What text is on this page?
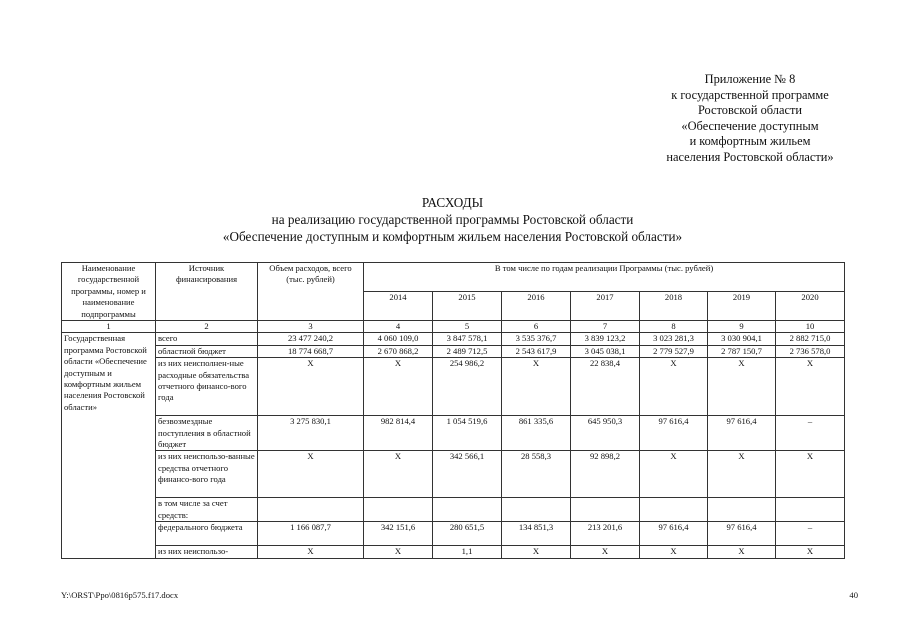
Приложение № 8
к государственной программе
Ростовской области
«Обеспечение доступным
и комфортным жильем
населения Ростовской области»
РАСХОДЫ
на реализацию государственной программы Ростовской области
«Обеспечение доступным и комфортным жильем населения Ростовской области»
Наименование государственной программы, номер и наименование подпрограммы	Источник финансирования	Объем расходов, всего (тыс. рублей)	В том числе по годам реализации Программы (тыс. рублей)						
			2014	2015	2016	2017	2018	2019	2020
1	2	3	4	5	6	7	8	9	10
Государственная программа Ростовской области «Обеспечение доступным и комфортным жильем населения Ростовской области»	всего	23 477 240,2	4 060 109,0	3 847 578,1	3 535 376,7	3 839 123,2	3 023 281,3	3 030 904,1	2 882 715,0
	областной бюджет	18 774 668,7	2 670 868,2	2 489 712,5	2 543 617,9	3 045 038,1	2 779 527,9	2 787 150,7	2 736 578,0
	из них неисполнен-ные расходные обязательства отчетного финансо-вого года	X	X	254 986,2	X	22 838,4	X	X	X
	безвозмездные поступления в областной бюджет	3 275 830,1	982 814,4	1 054 519,6	861 335,6	645 950,3	97 616,4	97 616,4	–
	из них неиспользо-ванные средства отчетного финансо-вого года	X	X	342 566,1	28 558,3	92 898,2	X	X	X
	в том числе за счет средств:								
	федерального бюджета	1 166 087,7	342 151,6	280 651,5	134 851,3	213 201,6	97 616,4	97 616,4	–
	из них неиспользо-	X	X	1,1	X	X	X	X	X
Y:\ORST\Ppo\0816p575.f17.docx	40
